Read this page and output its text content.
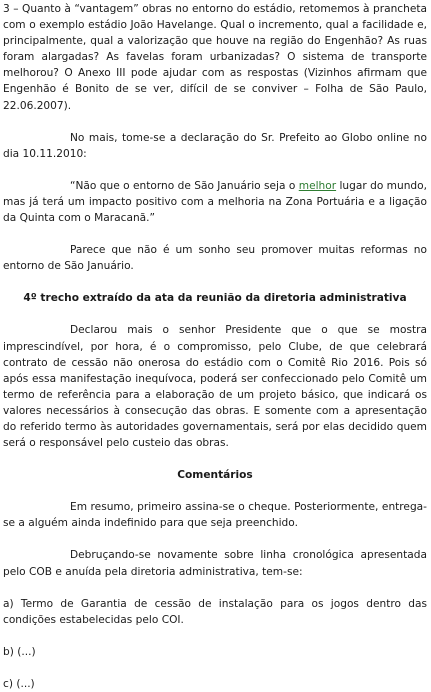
3 – Quanto à “vantagem” obras no entorno do estádio, retomemos à prancheta com o exemplo estádio João Havelange. Qual o incremento, qual a facilidade e, principalmente, qual a valorização que houve na região do Engenhão? As ruas foram alargadas? As favelas foram urbanizadas? O sistema de transporte melhorou? O Anexo III pode ajudar com as respostas (Vizinhos afirmam que Engenhão é Bonito de se ver, difícil de se conviver – Folha de São Paulo, 22.06.2007).

No mais, tome-se a declaração do Sr. Prefeito ao Globo online no dia 10.11.2010:

“Não que o entorno de São Januário seja o melhor lugar do mundo, mas já terá um impacto positivo com a melhoria na Zona Portuária e a ligação da Quinta com o Maracanã.”

Parece que não é um sonho seu promover muitas reformas no entorno de São Januário.

4º trecho extraído da ata da reunião da diretoria administrativa

Declarou mais o senhor Presidente que o que se mostra imprescindível, por hora, é o compromisso, pelo Clube, de que celebrará contrato de cessão não onerosa do estádio com o Comitê Rio 2016. Pois só após essa manifestação inequívoca, poderá ser confeccionado pelo Comitê um termo de referência para a elaboração de um projeto básico, que indicará os valores necessários à consecução das obras. E somente com a apresentação do referido termo às autoridades governamentais, será por elas decidido quem será o responsável pelo custeio das obras.

Comentários

Em resumo, primeiro assina-se o cheque. Posteriormente, entrega-se a alguém ainda indefinido para que seja preenchido.

Debruçando-se novamente sobre linha cronológica apresentada pelo COB e anuída pela diretoria administrativa, tem-se:

a) Termo de Garantia de cessão de instalação para os jogos dentro das condições estabelecidas pelo COI.

b) (...)

c) (...)
